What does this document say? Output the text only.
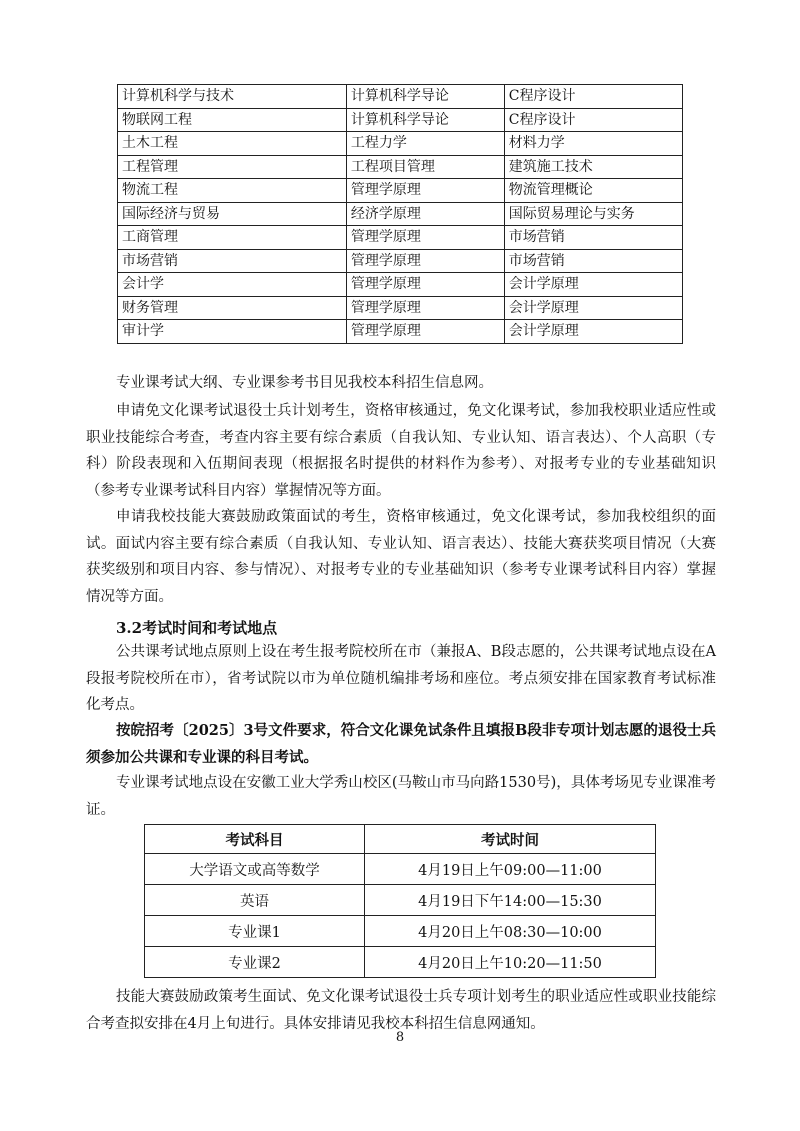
计算机科学与技术	计算机科学导论	C程序设计
物联网工程	计算机科学导论	C程序设计
土木工程	工程力学	材料力学
工程管理	工程项目管理	建筑施工技术
物流工程	管理学原理	物流管理概论
国际经济与贸易	经济学原理	国际贸易理论与实务
工商管理	管理学原理	市场营销
市场营销	管理学原理	市场营销
会计学	管理学原理	会计学原理
财务管理	管理学原理	会计学原理
审计学	管理学原理	会计学原理

专业课考试大纲、专业课参考书目见我校本科招生信息网。

申请免文化课考试退役士兵计划考生，资格审核通过，免文化课考试，参加我校职业适应性或职业技能综合考查，考查内容主要有综合素质（自我认知、专业认知、语言表达）、个人高职（专科）阶段表现和入伍期间表现（根据报名时提供的材料作为参考）、对报考专业的专业基础知识（参考专业课考试科目内容）掌握情况等方面。

申请我校技能大赛鼓励政策面试的考生，资格审核通过，免文化课考试，参加我校组织的面试。面试内容主要有综合素质（自我认知、专业认知、语言表达）、技能大赛获奖项目情况（大赛获奖级别和项目内容、参与情况）、对报考专业的专业基础知识（参考专业课考试科目内容）掌握情况等方面。

3.2考试时间和考试地点

公共课考试地点原则上设在考生报考院校所在市（兼报A、B段志愿的，公共课考试地点设在A段报考院校所在市），省考试院以市为单位随机编排考场和座位。考点须安排在国家教育考试标准化考点。

按皖招考〔2025〕3号文件要求，符合文化课免试条件且填报B段非专项计划志愿的退役士兵须参加公共课和专业课的科目考试。

专业课考试地点设在安徽工业大学秀山校区(马鞍山市马向路1530号)，具体考场见专业课准考证。

考试科目	考试时间
大学语文或高等数学	4月19日上午09:00—11:00
英语	4月19日下午14:00—15:30
专业课1	4月20日上午08:30—10:00
专业课2	4月20日上午10:20—11:50

技能大赛鼓励政策考生面试、免文化课考试退役士兵专项计划考生的职业适应性或职业技能综合考查拟安排在4月上旬进行。具体安排请见我校本科招生信息网通知。

8
